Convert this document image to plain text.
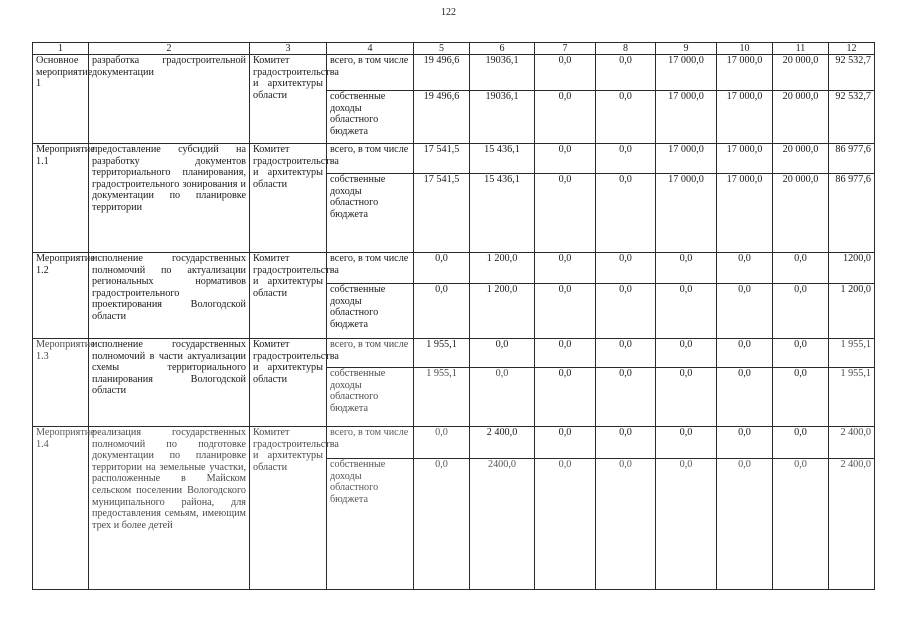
122
1	2	3	4	5	6	7	8	9	10	11	12
Основное мероприятие 1	разработка градостроительной документации	Комитет градостроительства и архитектуры области	всего, в том числе	19 496,6	19036,1	0,0	0,0	17 000,0	17 000,0	20 000,0	92 532,7
			собственные доходы областного бюджета	19 496,6	19036,1	0,0	0,0	17 000,0	17 000,0	20 000,0	92 532,7
Мероприятие 1.1	предоставление субсидий на разработку документов территориального планирования, градостроительного зонирования и документации по планировке территории	Комитет градостроительства и архитектуры области	всего, в том числе	17 541,5	15 436,1	0,0	0,0	17 000,0	17 000,0	20 000,0	86 977,6
			собственные доходы областного бюджета	17 541,5	15 436,1	0,0	0,0	17 000,0	17 000,0	20 000,0	86 977,6
Мероприятие 1.2	исполнение государственных полномочий по актуализации региональных нормативов градостроительного проектирования Вологодской области	Комитет градостроительства и архитектуры области	всего, в том числе	0,0	1 200,0	0,0	0,0	0,0	0,0	0,0	1200,0
			собственные доходы областного бюджета	0,0	1 200,0	0,0	0,0	0,0	0,0	0,0	1 200,0
Мероприятие 1.3	исполнение государственных полномочий в части актуализации схемы территориального планирования Вологодской области	Комитет градостроительства и архитектуры области	всего, в том числе	1 955,1	0,0	0,0	0,0	0,0	0,0	0,0	1 955,1
			собственные доходы областного бюджета	1 955,1	0,0	0,0	0,0	0,0	0,0	0,0	1 955,1
Мероприятие 1.4	реализация государственных полномочий по подготовке документации по планировке территории на земельные участки, расположенные в Майском сельском поселении Вологодского муниципального района, для предоставления семьям, имеющим трех и более детей	Комитет градостроительства и архитектуры области	всего, в том числе	0,0	2 400,0	0,0	0,0	0,0	0,0	0,0	2 400,0
			собственные доходы областного бюджета	0,0	2400,0	0,0	0,0	0,0	0,0	0,0	2 400,0
